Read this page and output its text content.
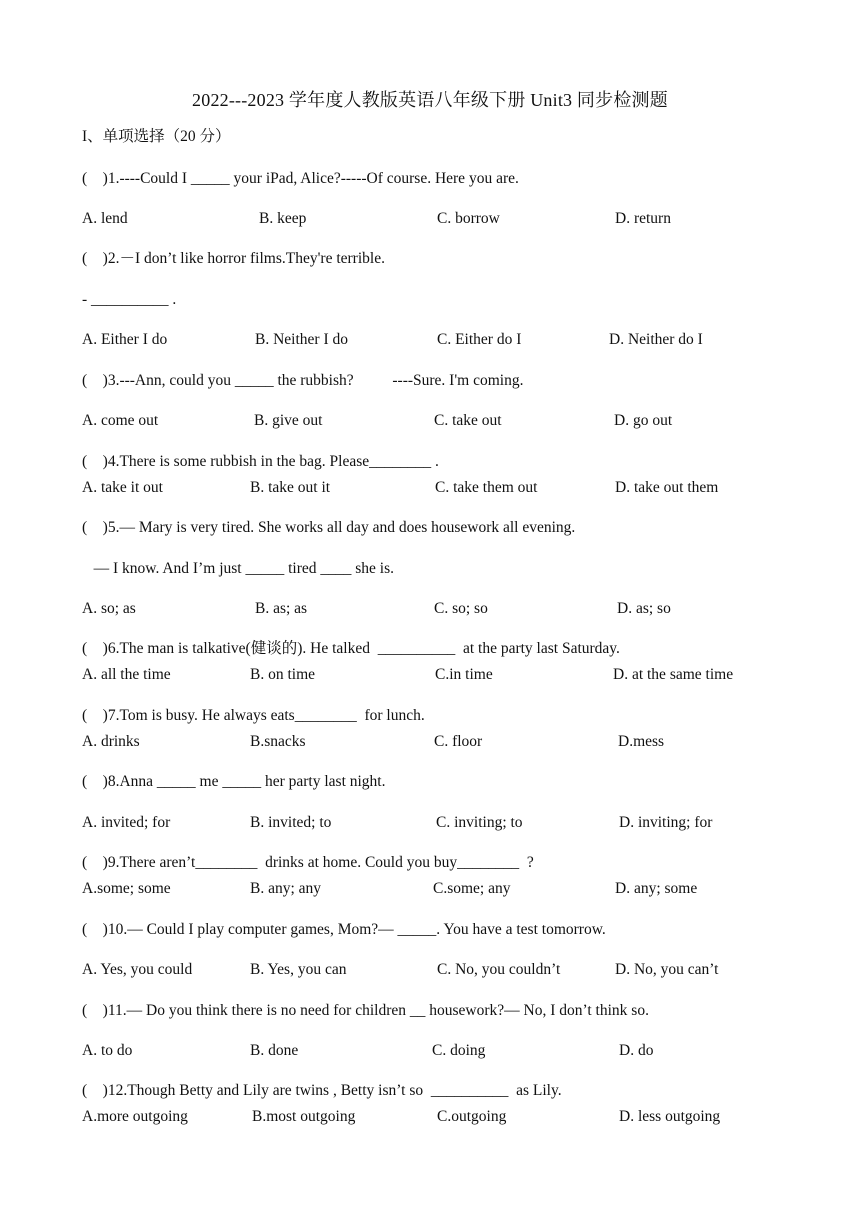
2022---2023 学年度人教版英语八年级下册 Unit3 同步检测题
I、单项选择（20 分）
(　)1.----Could I _____ your iPad, Alice?-----Of course. Here you are.
A. lend	B. keep	C. borrow	D. return
(　)2.－I don’t like horror films.They're terrible.
- __________ .
A. Either I do	B. Neither I do	C. Either do I	D. Neither do I
(　)3.---Ann, could you _____ the rubbish?          ----Sure. I'm coming.
A. come out	B. give out	C. take out	D. go out
(　)4.There is some rubbish in the bag. Please________ .
A. take it out	B. take out it	C. take them out	D. take out them
(　)5.— Mary is very tired. She works all day and does housework all evening.
— I know. And I’m just _____ tired ____ she is.
A. so; as	B. as; as	C. so; so	D. as; so
(　)6.The man is talkative(健谈的). He talked  __________  at the party last Saturday.
A. all the time	B. on time	C.in time	D. at the same time
(　)7.Tom is busy. He always eats________  for lunch.
A. drinks	B.snacks	C. floor	D.mess
(　)8.Anna _____ me _____ her party last night.
A. invited; for	B. invited; to	C. inviting; to	D. inviting; for
(　)9.There aren’t________  drinks at home. Could you buy________  ?
A.some; some	B. any; any	C.some; any	D. any; some
(　)10.— Could I play computer games, Mom?— _____. You have a test tomorrow.
A. Yes, you could	B. Yes, you can	C. No, you couldn’t	D. No, you can’t
(　)11.— Do you think there is no need for children __ housework?— No, I don’t think so.
A. to do	B. done	C. doing	D. do
(　)12.Though Betty and Lily are twins , Betty isn’t so  __________  as Lily.
A.more outgoing	B.most outgoing	C.outgoing	D. less outgoing
